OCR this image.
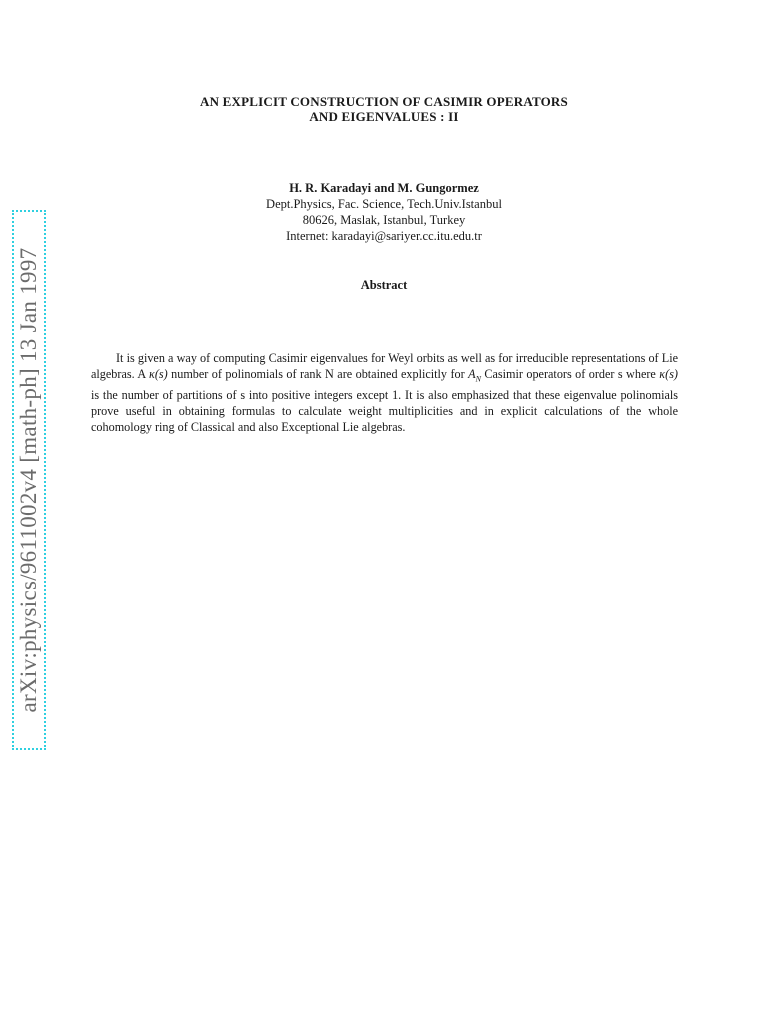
arXiv:physics/9611002v4 [math-ph] 13 Jan 1997
AN EXPLICIT CONSTRUCTION OF CASIMIR OPERATORS
AND EIGENVALUES : II
H. R. Karadayi and M. Gungormez
Dept.Physics, Fac. Science, Tech.Univ.Istanbul
80626, Maslak, Istanbul, Turkey
Internet: karadayi@sariyer.cc.itu.edu.tr
Abstract
It is given a way of computing Casimir eigenvalues for Weyl orbits as well as for irreducible representations of Lie algebras. A κ(s) number of polinomials of rank N are obtained explicitly for $A_N$ Casimir operators of order s where κ(s) is the number of partitions of s into positive integers except 1. It is also emphasized that these eigenvalue polinomials prove useful in obtaining formulas to calculate weight multiplicities and in explicit calculations of the whole cohomology ring of Classical and also Exceptional Lie algebras.
